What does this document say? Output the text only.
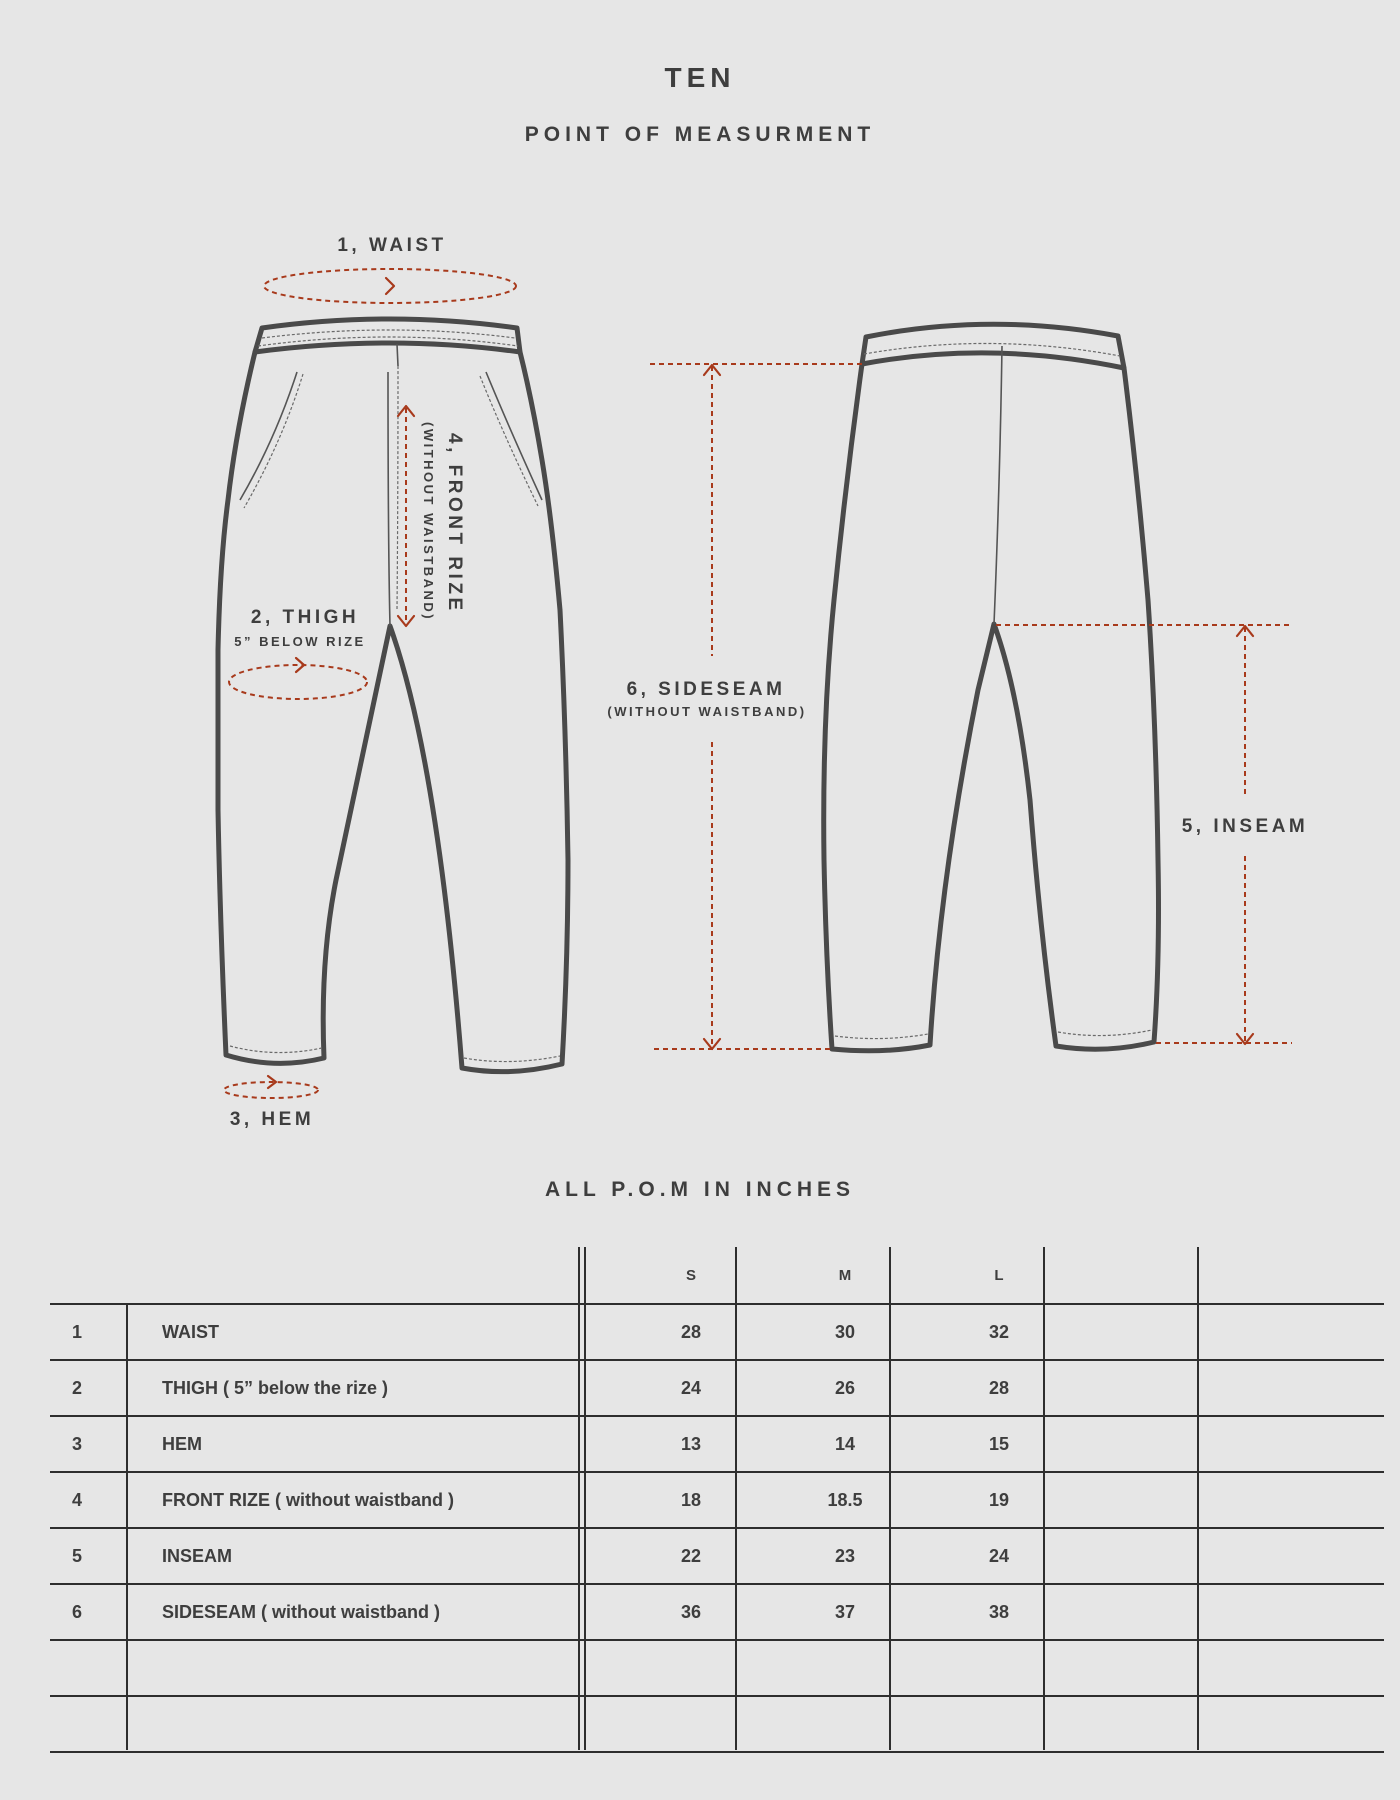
TEN
POINT OF MEASURMENT
1, WAIST
2, THIGH
5” BELOW RIZE
3, HEM
4, FRONT RIZE
(WITHOUT WAISTBAND)
6, SIDESEAM
(WITHOUT WAISTBAND)
5, INSEAM
ALL P.O.M IN INCHES
		S	M	L		
1	WAIST	28	30	32		
2	THIGH ( 5” below the rize )	24	26	28		
3	HEM	13	14	15		
4	FRONT RIZE ( without waistband )	18	18.5	19		
5	INSEAM	22	23	24		
6	SIDESEAM ( without waistband )	36	37	38		
